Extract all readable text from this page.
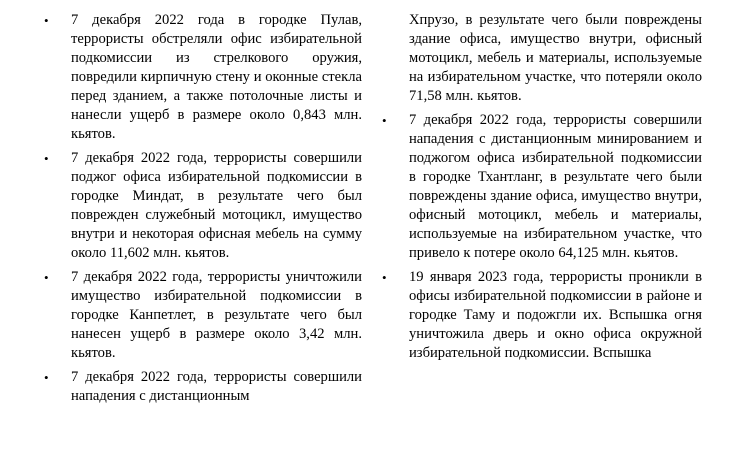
• 7 декабря 2022 года в городке Пулав, террористы обстреляли офис избирательной подкомиссии из стрелкового оружия, повредили кирпичную стену и оконные стекла перед зданием, а также потолочные листы и нанесли ущерб в размере около 0,843 млн. кьятов.

• 7 декабря 2022 года, террористы совершили поджог офиса избирательной подкомиссии в городке Миндат, в результате чего был поврежден служебный мотоцикл, имущество внутри и некоторая офисная мебель на сумму около 11,602 млн. кьятов.

• 7 декабря 2022 года, террористы уничтожили имущество избирательной подкомиссии в городке Канпетлет, в результате чего был нанесен ущерб в размере около 3,42 млн. кьятов.

• 7 декабря 2022 года, террористы совершили нападения с дистанционным

Хпрузо, в результате чего были повреждены здание офиса, имущество внутри, офисный мотоцикл, мебель и материалы, используемые на избирательном участке, что потеряли около 71,58 млн. кьятов.

• 7 декабря 2022 года, террористы совершили нападения с дистанционным минированием и поджогом офиса избирательной подкомиссии в городке Тхантланг, в результате чего были повреждены здание офиса, имущество внутри, офисный мотоцикл, мебель и материалы, используемые на избирательном участке, что привело к потере около 64,125 млн. кьятов.

• 19 января 2023 года, террористы проникли в офисы избирательной подкомиссии в районе и городке Таму и подожгли их. Вспышка огня уничтожила дверь и окно офиса окружной избирательной подкомиссии. Вспышка
